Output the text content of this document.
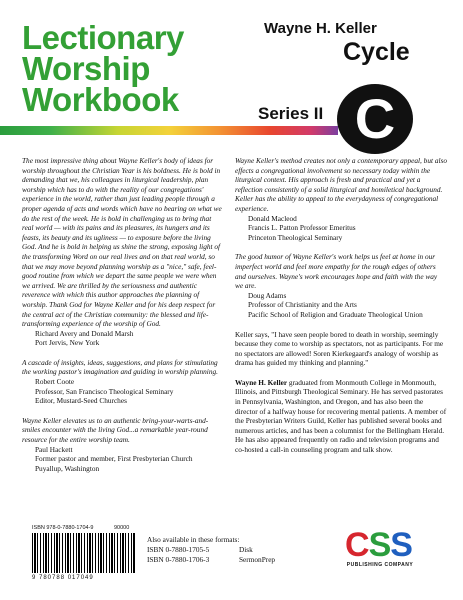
Lectionary
Worship
Workbook
Wayne H. Keller
Cycle
Series II C

The most impressive thing about Wayne Keller's body of ideas for worship throughout the Christian Year is his boldness. He is bold in demanding that we, his colleagues in liturgical leadership, plan worship which has to do with the reality of our congregations' experience in the world, rather than just leading people through a proper agenda of acts and words which have no bearing on what we do the rest of the week. He is bold in challenging us to bring that real world — with its pains and its pleasures, its hungers and its feasts, its beauty and its ugliness — to exposure before the living God. And he is bold in helping us shine the strong, exposing light of the transforming Word on our real lives and on that real world, so that we may move beyond planning worship as a "nice," safe, feel-good routine from which we depart the same people we were when we arrived. We are thrilled by the seriousness and authentic reverence with which this author approaches the planning of worship. Thank God for Wayne Keller and for his deep respect for the central act of the Christian community: the blessed and life-transforming experience of the worship of God.

Richard Avery and Donald Marsh

Port Jervis, New York

A cascade of insights, ideas, suggestions, and plans for stimulating the working pastor's imagination and guiding in worship planning.

Robert Coote

Professor, San Francisco Theological Seminary

Editor, Mustard-Seed Churches

Wayne Keller elevates us to an authentic bring-your-warts-and-smiles encounter with the living God...a remarkable year-round resource for the entire worship team.

Paul Hackett

Former pastor and member, First Presbyterian Church

Puyallup, Washington

Wayne Keller's method creates not only a contemporary appeal, but also effects a congregational involvement so necessary today within the liturgical context. His approach is fresh and practical and yet a reflection consistently of a solid liturgical and homiletical background. Keller has the ability to appeal to the everydayness of congregational experience.

Donald Macleod

Francis L. Patton Professor Emeritus

Princeton Theological Seminary

The good humor of Wayne Keller's work helps us feel at home in our imperfect world and feel more empathy for the rough edges of others and ourselves. Wayne's work encourages hope and faith with the way we are.

Doug Adams

Professor of Christianity and the Arts

Pacific School of Religion and Graduate Theological Union

Keller says, "I have seen people bored to death in worship, seemingly because they come to worship as spectators, not as participants. For me no spectators are allowed! Soren Kierkegaard's analogy of worship as drama has guided my thinking and planning."

Wayne H. Keller graduated from Monmouth College in Monmouth, Illinois, and Pittsburgh Theological Seminary. He has served pastorates in Pennsylvania, Washington, and Oregon, and has also been the director of a halfway house for recovering mental patients. A member of the Presbyterian Writers Guild, Keller has published several books and numerous articles, and has been a columnist for the Bellingham Herald. He has also appeared frequently on radio and television programs and co-hosted a call-in counseling program and talk show.

ISBN 978-0-7880-1704-9
9 780788 017049
90000
Also available in these formats:
ISBN 0-7880-1705-5	Disk
ISBN 0-7880-1706-3	SermonPrep CSS
PUBLISHING COMPANY
